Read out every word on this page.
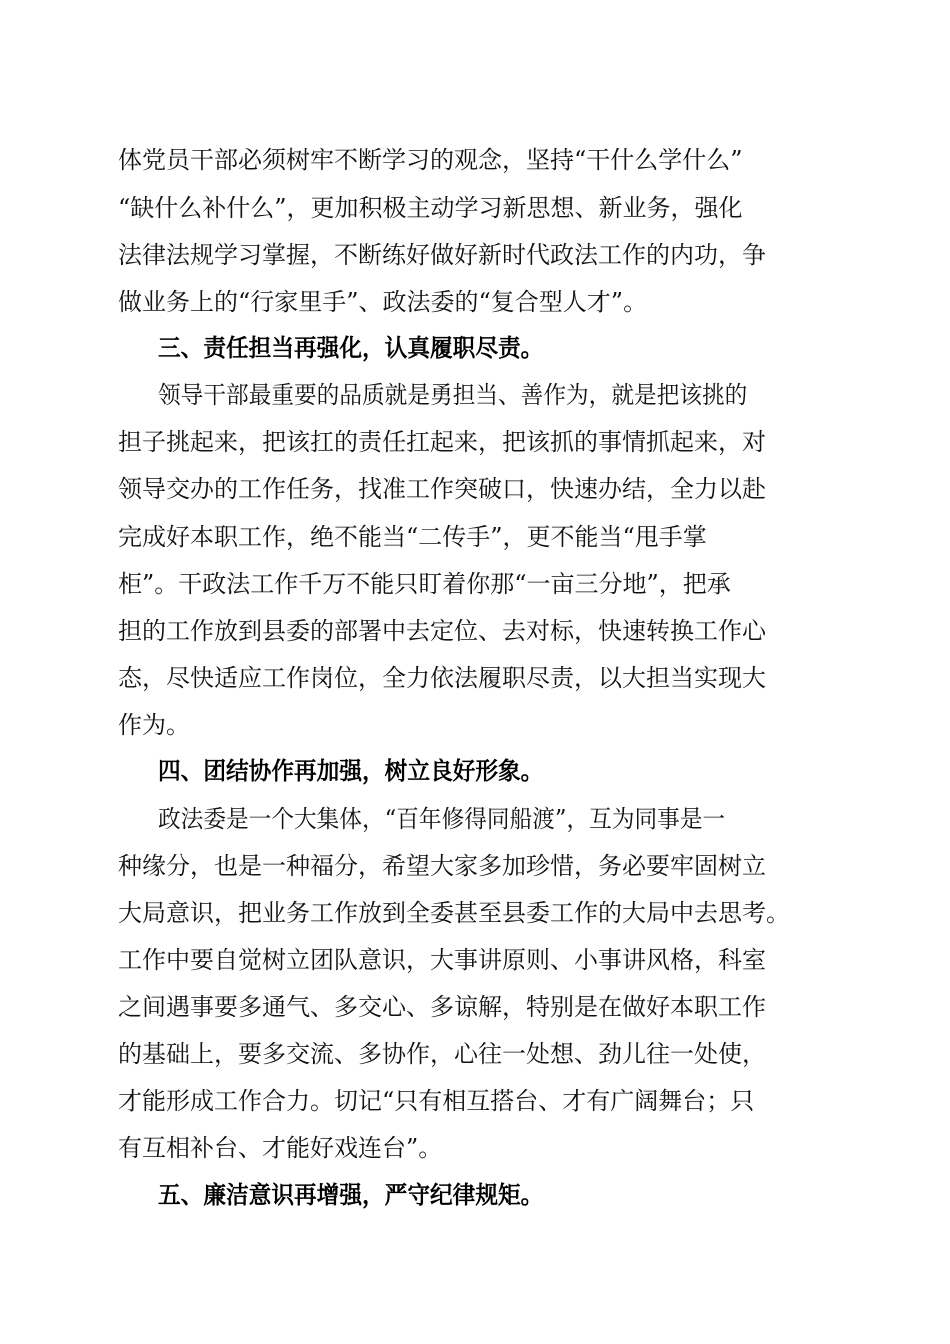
体党员干部必须树牢不断学习的观念，坚持“干什么学什么”
“缺什么补什么”，更加积极主动学习新思想、新业务，强化
法律法规学习掌握，不断练好做好新时代政法工作的内功，争
做业务上的“行家里手”、政法委的“复合型人才”。
三、责任担当再强化，认真履职尽责。
领导干部最重要的品质就是勇担当、善作为，就是把该挑的
担子挑起来，把该扛的责任扛起来，把该抓的事情抓起来，对
领导交办的工作任务，找准工作突破口，快速办结，全力以赴
完成好本职工作，绝不能当“二传手”，更不能当“甩手掌
柜”。干政法工作千万不能只盯着你那“一亩三分地”，把承
担的工作放到县委的部署中去定位、去对标，快速转换工作心
态，尽快适应工作岗位，全力依法履职尽责，以大担当实现大
作为。
四、团结协作再加强，树立良好形象。
政法委是一个大集体，“百年修得同船渡”，互为同事是一
种缘分，也是一种福分，希望大家多加珍惜，务必要牢固树立
大局意识，把业务工作放到全委甚至县委工作的大局中去思考。
工作中要自觉树立团队意识，大事讲原则、小事讲风格，科室
之间遇事要多通气、多交心、多谅解，特别是在做好本职工作
的基础上，要多交流、多协作，心往一处想、劲儿往一处使，
才能形成工作合力。切记“只有相互搭台、才有广阔舞台；只
有互相补台、才能好戏连台”。
五、廉洁意识再增强，严守纪律规矩。
